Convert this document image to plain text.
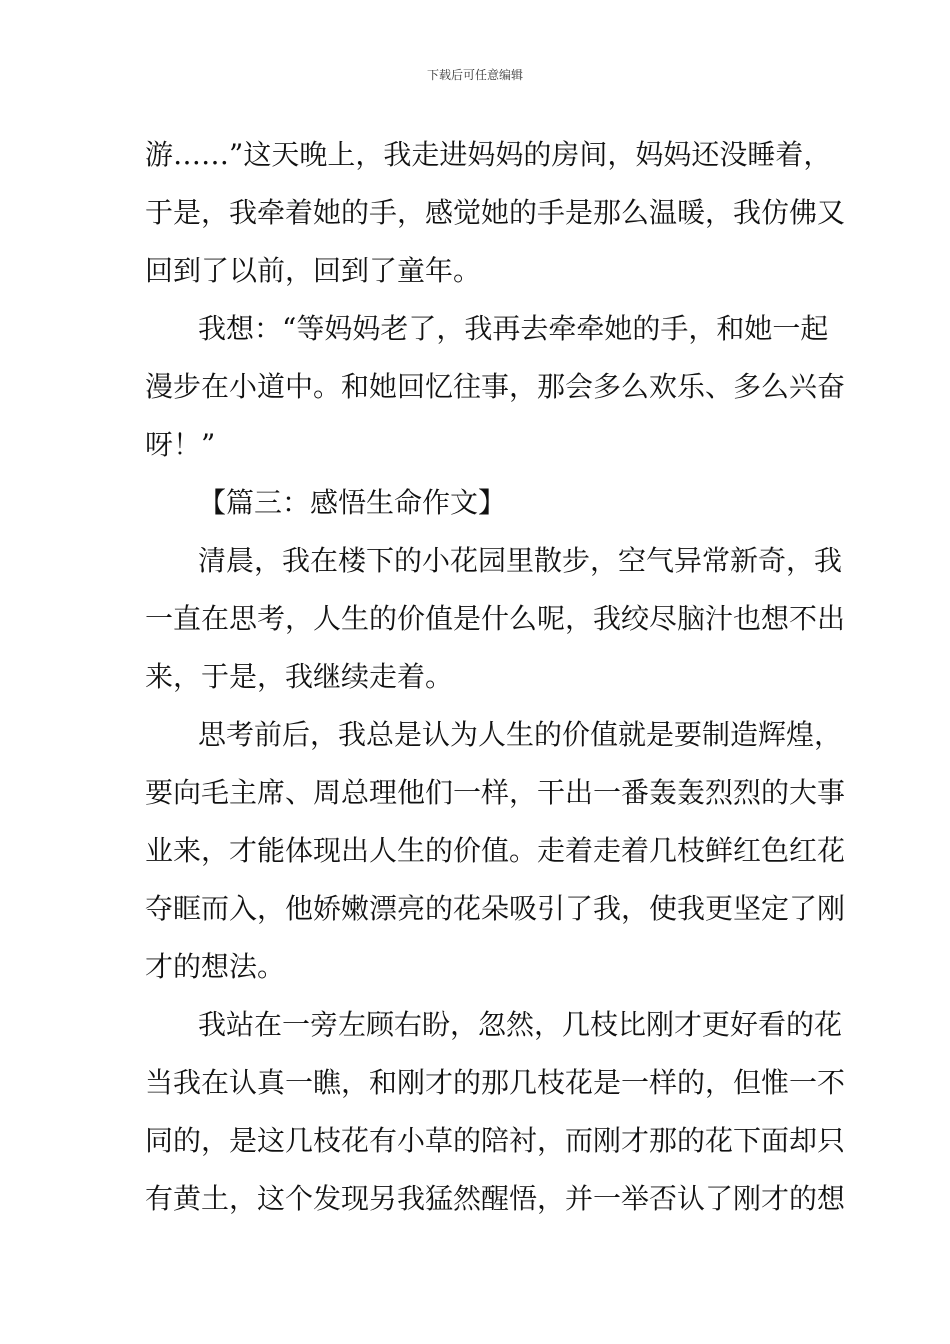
下载后可任意编辑
游……”这天晚上，我走进妈妈的房间，妈妈还没睡着，
于是，我牵着她的手，感觉她的手是那么温暖，我仿佛又
回到了以前，回到了童年。
我想：“等妈妈老了，我再去牵牵她的手，和她一起
漫步在小道中。和她回忆往事，那会多么欢乐、多么兴奋
呀！”
【篇三：感悟生命作文】
清晨，我在楼下的小花园里散步，空气异常新奇，我
一直在思考，人生的价值是什么呢，我绞尽脑汁也想不出
来，于是，我继续走着。
思考前后，我总是认为人生的价值就是要制造辉煌，
要向毛主席、周总理他们一样，干出一番轰轰烈烈的大事
业来，才能体现出人生的价值。走着走着几枝鲜红色红花
夺眶而入，他娇嫩漂亮的花朵吸引了我，使我更坚定了刚
才的想法。
我站在一旁左顾右盼，忽然，几枝比刚才更好看的花
当我在认真一瞧，和刚才的那几枝花是一样的，但惟一不
同的，是这几枝花有小草的陪衬，而刚才那的花下面却只
有黄土，这个发现另我猛然醒悟，并一举否认了刚才的想
